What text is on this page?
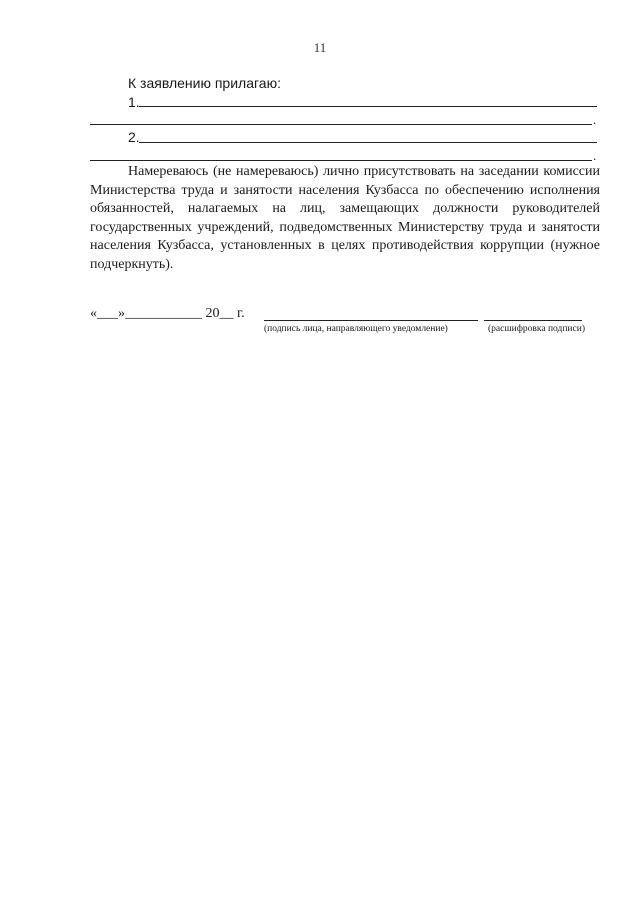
11
К заявлению прилагаю:
1.
.
2.
.
Намереваюсь (не намереваюсь) лично присутствовать на заседании комиссии Министерства труда и занятости населения Кузбасса по обеспечению исполнения обязанностей, налагаемых на лиц, замещающих должности руководителей государственных учреждений, подведомственных Министерству труда и занятости населения Кузбасса, установленных в целях противодействия коррупции (нужное подчеркнуть).
«___»___________ 20__ г.
(подпись лица, направляющего уведомление)	(расшифровка подписи)
